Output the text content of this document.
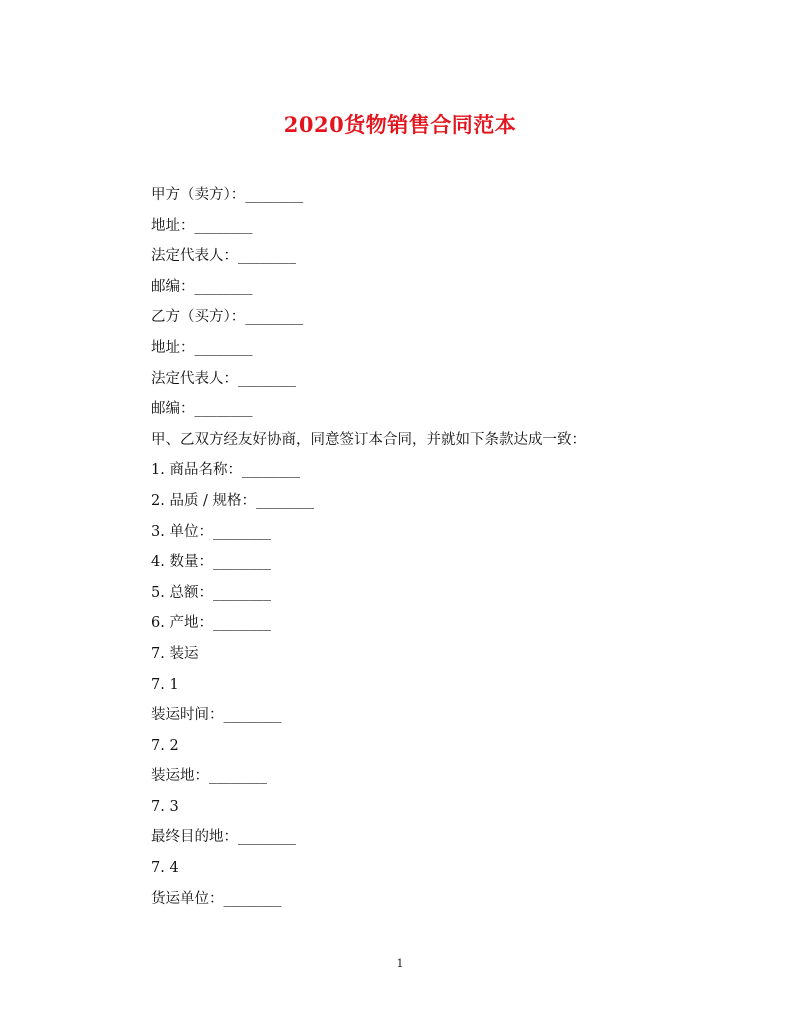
2020货物销售合同范本
甲方（卖方）：________
地址：________
法定代表人：________
邮编：________
乙方（买方）：________
地址：________
法定代表人：________
邮编：________
甲、乙双方经友好协商，同意签订本合同，并就如下条款达成一致：
1. 商品名称：________
2. 品质 / 规格：________
3. 单位：________
4. 数量：________
5. 总额：________
6. 产地：________
7. 装运
7. 1
装运时间：________
7. 2
装运地：________
7. 3
最终目的地：________
7. 4
货运单位：________
1
